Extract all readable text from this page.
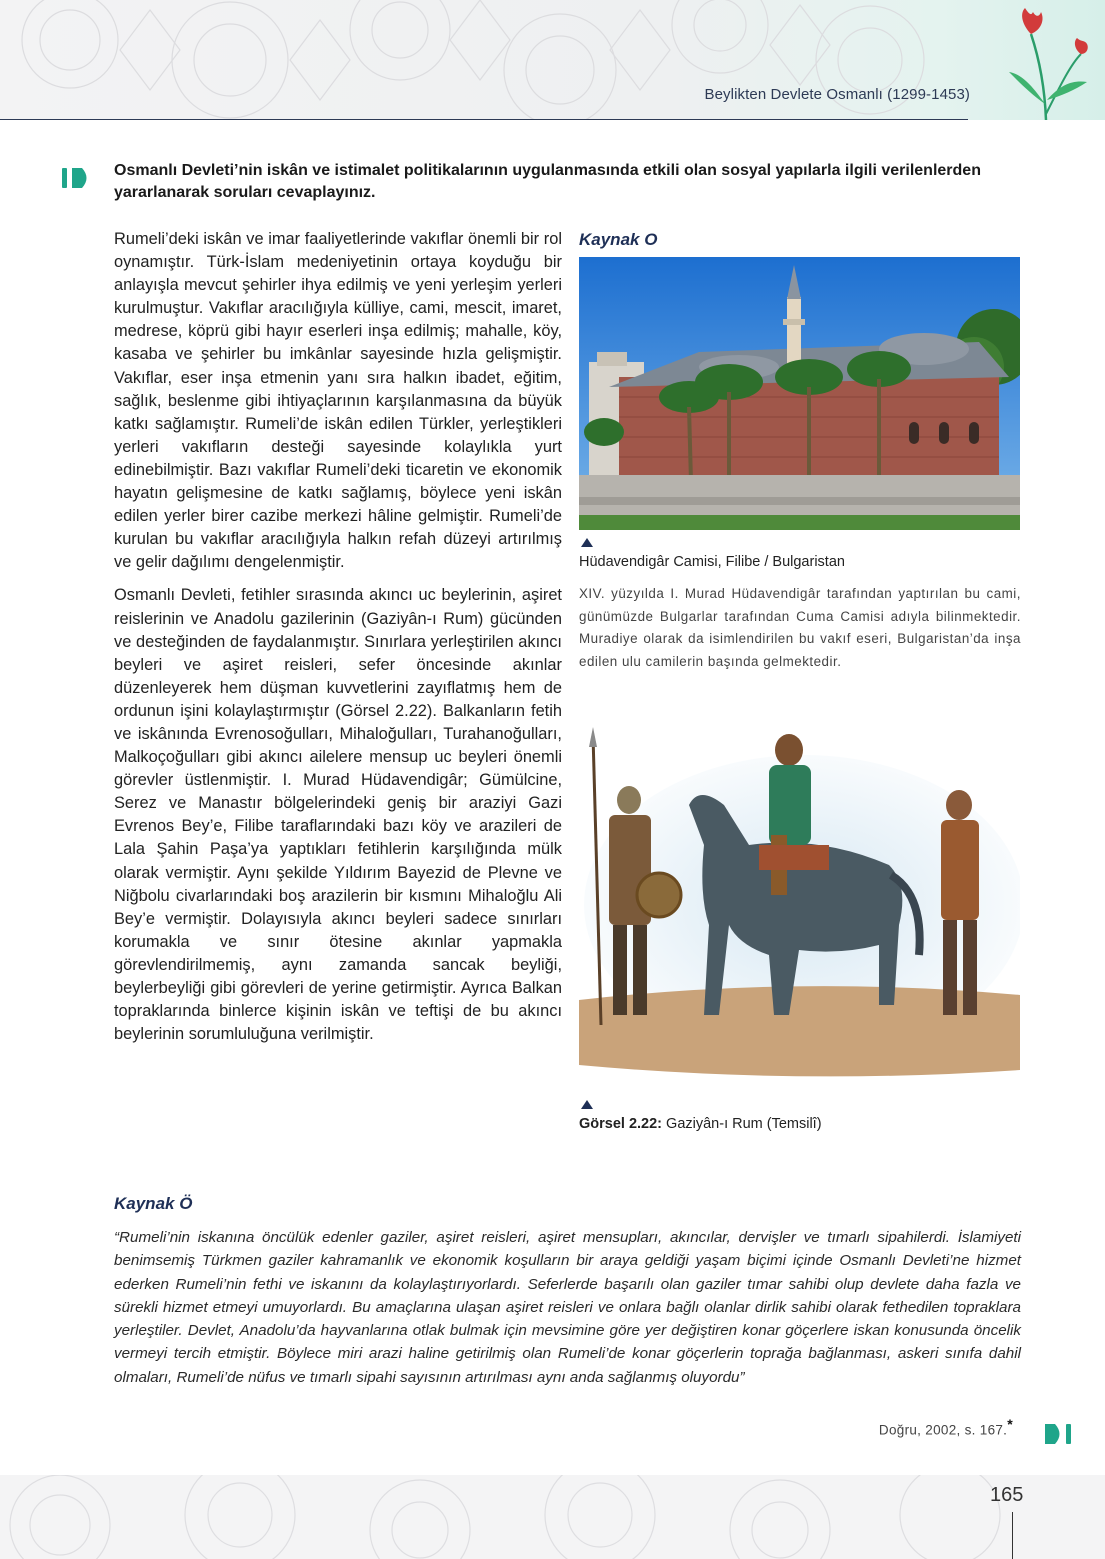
Beylikten Devlete Osmanlı (1299-1453)
Osmanlı Devleti’nin iskân ve istimalet politikalarının uygulanmasında etkili olan sosyal yapılarla ilgili verilenlerden yararlanarak soruları cevaplayınız.

Rumeli’deki iskân ve imar faaliyetlerinde vakıflar önemli bir rol oynamıştır. Türk-İslam medeniyetinin ortaya koyduğu bir anlayışla mevcut şehirler ihya edilmiş ve yeni yerleşim yerleri kurulmuştur. Vakıflar aracılığıyla külliye, cami, mescit, imaret, medrese, köprü gibi hayır eserleri inşa edilmiş; mahalle, köy, kasaba ve şehirler bu imkânlar sayesinde hızla gelişmiştir. Vakıflar, eser inşa etmenin yanı sıra halkın ibadet, eğitim, sağlık, beslenme gibi ihtiyaçlarının karşılanmasına da büyük katkı sağlamıştır. Rumeli’de iskân edilen Türkler, yerleştikleri yerleri vakıfların desteği sayesinde kolaylıkla yurt edinebilmiştir. Bazı vakıflar Rumeli’deki ticaretin ve ekonomik hayatın gelişmesine de katkı sağlamış, böylece yeni iskân edilen yerler birer cazibe merkezi hâline gelmiştir. Rumeli’de kurulan bu vakıflar aracılığıyla halkın refah düzeyi artırılmış ve gelir dağılımı dengelenmiştir.

Osmanlı Devleti, fetihler sırasında akıncı uc beylerinin, aşiret reislerinin ve Anadolu gazilerinin (Gaziyân-ı Rum) gücünden ve desteğinden de faydalanmıştır. Sınırlara yerleştirilen akıncı beyleri ve aşiret reisleri, sefer öncesinde akınlar düzenleyerek hem düşman kuvvetlerini zayıflatmış hem de ordunun işini kolaylaştırmıştır (Görsel 2.22). Balkanların fetih ve iskânında Evrenosoğulları, Mihaloğulları, Turahanoğulları, Malkoçoğulları gibi akıncı ailelere mensup uc beyleri önemli görevler üstlenmiştir. I. Murad Hüdavendigâr; Gümülcine, Serez ve Manastır bölgelerindeki geniş bir araziyi Gazi Evrenos Bey’e, Filibe taraflarındaki bazı köy ve arazileri de Lala Şahin Paşa’ya yaptıkları fetihlerin karşılığında mülk olarak vermiştir. Aynı şekilde Yıldırım Bayezid de Plevne ve Niğbolu civarlarındaki boş arazilerin bir kısmını Mihaloğlu Ali Bey’e vermiştir. Dolayısıyla akıncı beyleri sadece sınırları korumakla ve sınır ötesine akınlar yapmakla görevlendirilmemiş, aynı zamanda sancak beyliği, beylerbeyliği gibi görevleri de yerine getirmiştir. Ayrıca Balkan topraklarında binlerce kişinin iskân ve teftişi de bu akıncı beylerinin sorumluluğuna verilmiştir.

Kaynak O
Hüdavendigâr Camisi, Filibe / Bulgaristan
XIV. yüzyılda I. Murad Hüdavendigâr tarafından yaptırılan bu cami, günümüzde Bulgarlar tarafından Cuma Camisi adıyla bilinmektedir. Muradiye olarak da isimlendirilen bu vakıf eseri, Bulgaristan’da inşa edilen ulu camilerin başında gelmektedir.
Görsel 2.22: Gaziyân-ı Rum (Temsilî)
Kaynak Ö
“Rumeli’nin iskanına öncülük edenler gaziler, aşiret reisleri, aşiret mensupları, akıncılar, dervişler ve tımarlı sipahilerdi. İslamiyeti benimsemiş Türkmen gaziler kahramanlık ve ekonomik koşulların bir araya geldiği yaşam biçimi içinde Osmanlı Devleti’ne hizmet ederken Rumeli’nin fethi ve iskanını da kolaylaştırıyorlardı. Seferlerde başarılı olan gaziler tımar sahibi olup devlete daha fazla ve sürekli hizmet etmeyi umuyorlardı. Bu amaçlarına ulaşan aşiret reisleri ve onlara bağlı olanlar dirlik sahibi olarak fethedilen topraklara yerleştiler. Devlet, Anadolu’da hayvanlarına otlak bulmak için mevsimine göre yer değiştiren konar göçerlere iskan konusunda öncelik vermeyi tercih etmiştir. Böylece miri arazi haline getirilmiş olan Rumeli’de konar göçerlerin toprağa bağlanması, askeri sınıfa dahil olmaları, Rumeli’de nüfus ve tımarlı sipahi sayısının artırılması aynı anda sağlanmış oluyordu”
Doğru, 2002, s. 167.*
165
